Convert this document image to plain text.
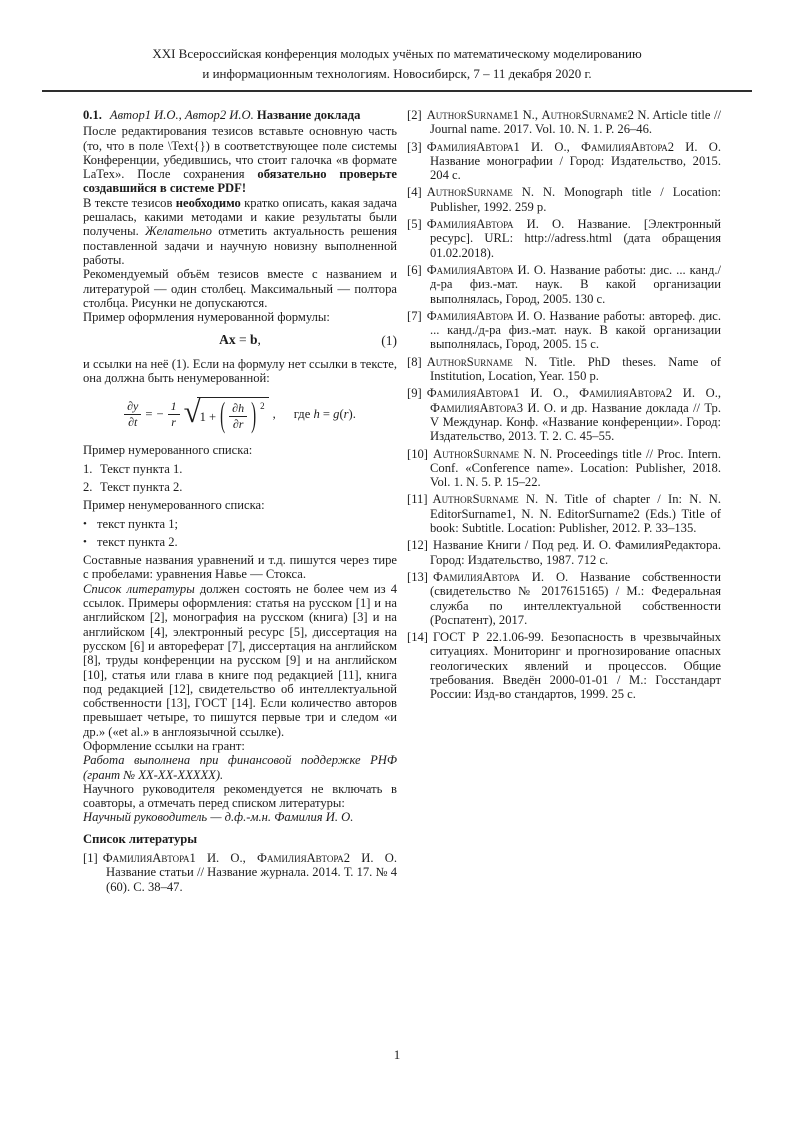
XXI Всероссийская конференция молодых учёных по математическому моделированию
и информационным технологиям. Новосибирск, 7 – 11 декабря 2020 г.
0.1. Автор1 И.О., Автор2 И.О. Название доклада

После редактирования тезисов вставьте основную часть (то, что в поле \Text{}) в соответствующее поле системы Конференции, убедившись, что стоит галочка «в формате LaTex». После сохранения обязательно проверьте создавшийся в системе PDF!

В тексте тезисов необходимо кратко описать, какая задача решалась, какими методами и какие результаты были получены. Желательно отметить актуальность решения поставленной задачи и научную новизну выполненной работы.

Рекомендуемый объём тезисов вместе с названием и литературой — один столбец. Максимальный — полтора столбца. Рисунки не допускаются.

Пример оформления нумерованной формулы:

Ax = b,	(1)

и ссылки на неё (1). Если на формулу нет ссылки в тексте, она должна быть ненумерованной:

$\frac{\partial y}{\partial t}$ = − $\frac{1}{r}$ √ 1 + ( $\frac{\partial h}{\partial r}$ ) 2
, где h = g(r).

Пример нумерованного списка:

1. Текст пункта 1.
2. Текст пункта 2.

Пример ненумерованного списка:

• текст пункта 1;
• текст пункта 2.

Составные названия уравнений и т.д. пишутся через тире с пробелами: уравнения Навье — Стокса.

Список литературы должен состоять не более чем из 4 ссылок. Примеры оформления: статья на русском [1] и на английском [2], монография на русском (книга) [3] и на английском [4], электронный ресурс [5], диссертация на русском [6] и автореферат [7], диссертация на английском [8], труды конференции на русском [9] и на английском [10], статья или глава в книге под редакцией [11], книга под редакцией [12], свидетельство об интеллектуальной собственности [13], ГОСТ [14]. Если количество авторов превышает четыре, то пишутся первые три и следом «и др.» («et al.» в англоязычной ссылке).

Оформление ссылки на грант:

Работа выполнена при финансовой поддержке РНФ (грант № XX-XX-XXXXX).

Научного руководителя рекомендуется не включать в соавторы, а отмечать перед списком литературы:

Научный руководитель — д.ф.-м.н. Фамилия И. О.

Список литературы
[1] ФамилияАвтора1 И. О., ФамилияАвтора2 И. О. Название статьи // Название журнала. 2014. Т. 17. № 4 (60). С. 38–47.
[2] AuthorSurname1 N., AuthorSurname2 N. Article title // Journal name. 2017. Vol. 10. N. 1. P. 26–46.
[3] ФамилияАвтора1 И. О., ФамилияАвтора2 И. О. Название монографии / Город: Издательство, 2015. 204 с.
[4] AuthorSurname N. N. Monograph title / Location: Publisher, 1992. 259 p.
[5] ФамилияАвтора И. О. Название. [Электронный ресурс]. URL: http://adress.html (дата обращения 01.02.2018).
[6] ФамилияАвтора И. О. Название работы: дис. ... канд./д-ра физ.-мат. наук. В какой организации выполнялась, Город, 2005. 130 с.
[7] ФамилияАвтора И. О. Название работы: автореф. дис. ... канд./д-ра физ.-мат. наук. В какой организации выполнялась, Город, 2005. 15 с.
[8] AuthorSurname N. Title. PhD theses. Name of Institution, Location, Year. 150 p.
[9] ФамилияАвтора1 И. О., ФамилияАвтора2 И. О., ФамилияАвтора3 И. О. и др. Название доклада // Тр. V Междунар. Конф. «Название конференции». Город: Издательство, 2013. Т. 2. С. 45–55.
[10] AuthorSurname N. N. Proceedings title // Proc. Intern. Conf. «Conference name». Location: Publisher, 2018. Vol. 1. N. 5. P. 15–22.
[11] AuthorSurname N. N. Title of chapter / In: N. N. EditorSurname1, N. N. EditorSurname2 (Eds.) Title of book: Subtitle. Location: Publisher, 2012. P. 33–135.
[12] Название Книги / Под ред. И. О. ФамилияРедактора. Город: Издательство, 1987. 712 с.
[13] ФамилияАвтора И. О. Название собственности (свидетельство № 2017615165) / М.: Федеральная служба по интеллектуальной собственности (Роспатент), 2017.
[14] ГОСТ Р 22.1.06-99. Безопасность в чрезвычайных ситуациях. Мониторинг и прогнозирование опасных геологических явлений и процессов. Общие требования. Введён 2000-01-01 / М.: Госстандарт России: Изд-во стандартов, 1999. 25 с.
1
